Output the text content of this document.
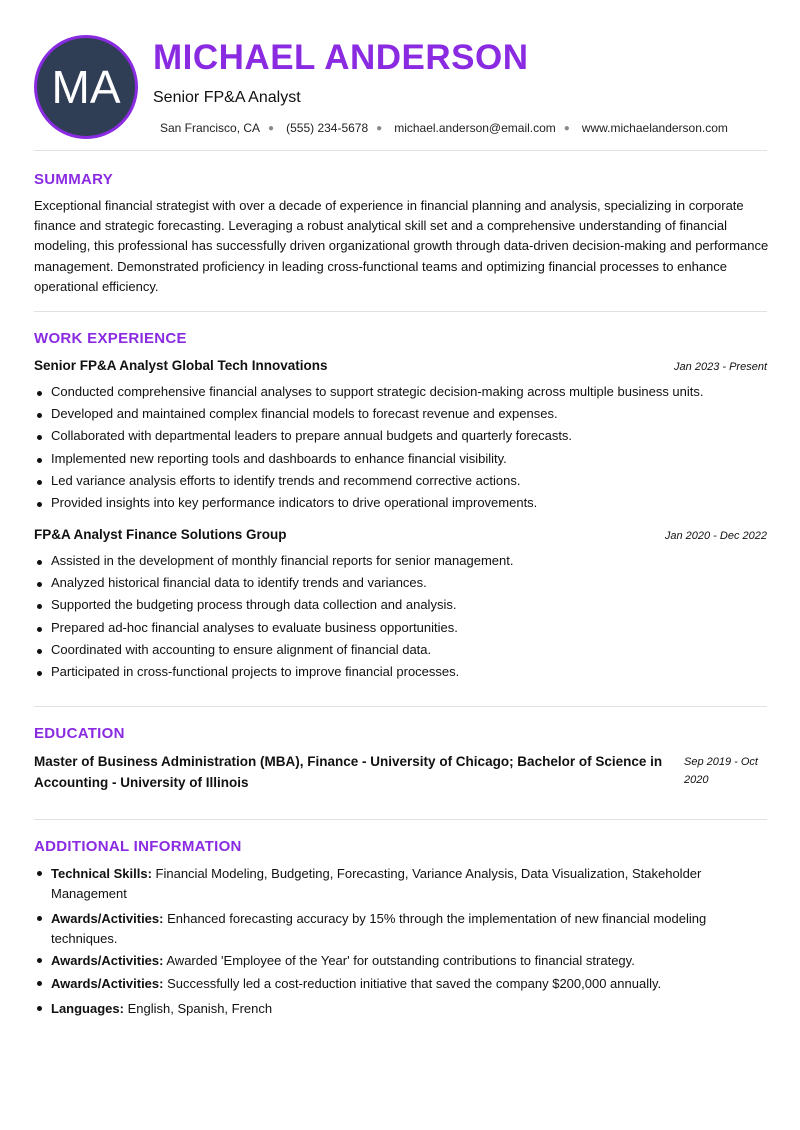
MA
MICHAEL ANDERSON
Senior FP&A Analyst
San Francisco, CA ● (555) 234-5678 ● michael.anderson@email.com ● www.michaelanderson.com
SUMMARY
Exceptional financial strategist with over a decade of experience in financial planning and analysis, specializing in corporate finance and strategic forecasting. Leveraging a robust analytical skill set and a comprehensive understanding of financial modeling, this professional has successfully driven organizational growth through data-driven decision-making and performance management. Demonstrated proficiency in leading cross-functional teams and optimizing financial processes to enhance operational efficiency.
WORK EXPERIENCE
Senior FP&A Analyst Global Tech Innovations	Jan 2023 - Present
Conducted comprehensive financial analyses to support strategic decision-making across multiple business units.
Developed and maintained complex financial models to forecast revenue and expenses.
Collaborated with departmental leaders to prepare annual budgets and quarterly forecasts.
Implemented new reporting tools and dashboards to enhance financial visibility.
Led variance analysis efforts to identify trends and recommend corrective actions.
Provided insights into key performance indicators to drive operational improvements.
FP&A Analyst Finance Solutions Group	Jan 2020 - Dec 2022
Assisted in the development of monthly financial reports for senior management.
Analyzed historical financial data to identify trends and variances.
Supported the budgeting process through data collection and analysis.
Prepared ad-hoc financial analyses to evaluate business opportunities.
Coordinated with accounting to ensure alignment of financial data.
Participated in cross-functional projects to improve financial processes.
EDUCATION
Master of Business Administration (MBA), Finance - University of Chicago; Bachelor of Science in Accounting - University of Illinois
Sep 2019 - Oct 2020
ADDITIONAL INFORMATION
Technical Skills: Financial Modeling, Budgeting, Forecasting, Variance Analysis, Data Visualization, Stakeholder Management
Awards/Activities: Enhanced forecasting accuracy by 15% through the implementation of new financial modeling techniques.
Awards/Activities: Awarded 'Employee of the Year' for outstanding contributions to financial strategy.
Awards/Activities: Successfully led a cost-reduction initiative that saved the company $200,000 annually.
Languages: English, Spanish, French
